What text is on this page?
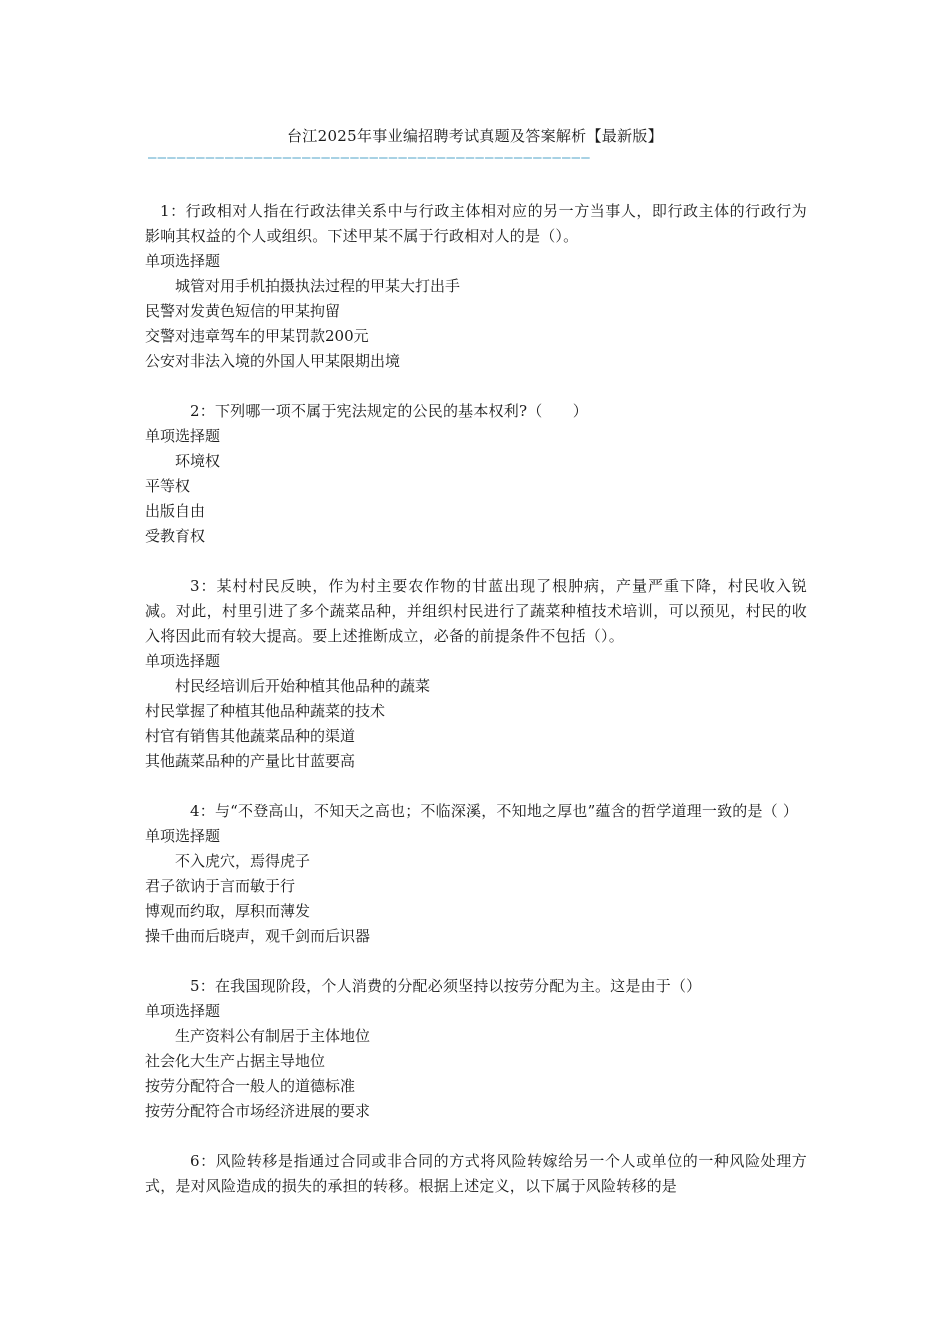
台江2025年事业编招聘考试真题及答案解析【最新版】
——————————————————————————————————————————————
1：行政相对人指在行政法律关系中与行政主体相对应的另一方当事人，即行政主体的行政行为影响其权益的个人或组织。下述甲某不属于行政相对人的是（）。
单项选择题
城管对用手机拍摄执法过程的甲某大打出手
民警对发黄色短信的甲某拘留
交警对违章驾车的甲某罚款200元
公安对非法入境的外国人甲某限期出境
2：下列哪一项不属于宪法规定的公民的基本权利?（　　）
单项选择题
环境权
平等权
出版自由
受教育权
3：某村村民反映，作为村主要农作物的甘蓝出现了根肿病，产量严重下降，村民收入锐减。对此，村里引进了多个蔬菜品种，并组织村民进行了蔬菜种植技术培训，可以预见，村民的收入将因此而有较大提高。要上述推断成立，必备的前提条件不包括（）。
单项选择题
村民经培训后开始种植其他品种的蔬菜
村民掌握了种植其他品种蔬菜的技术
村官有销售其他蔬菜品种的渠道
其他蔬菜品种的产量比甘蓝要高
4：与“不登高山，不知天之高也；不临深溪，不知地之厚也”蕴含的哲学道理一致的是（ ）
单项选择题
不入虎穴，焉得虎子
君子欲讷于言而敏于行
博观而约取，厚积而薄发
操千曲而后晓声，观千剑而后识器
5：在我国现阶段，个人消费的分配必须坚持以按劳分配为主。这是由于（）
单项选择题
生产资料公有制居于主体地位
社会化大生产占据主导地位
按劳分配符合一般人的道德标准
按劳分配符合市场经济进展的要求
6：风险转移是指通过合同或非合同的方式将风险转嫁给另一个人或单位的一种风险处理方式，是对风险造成的损失的承担的转移。根据上述定义，以下属于风险转移的是
